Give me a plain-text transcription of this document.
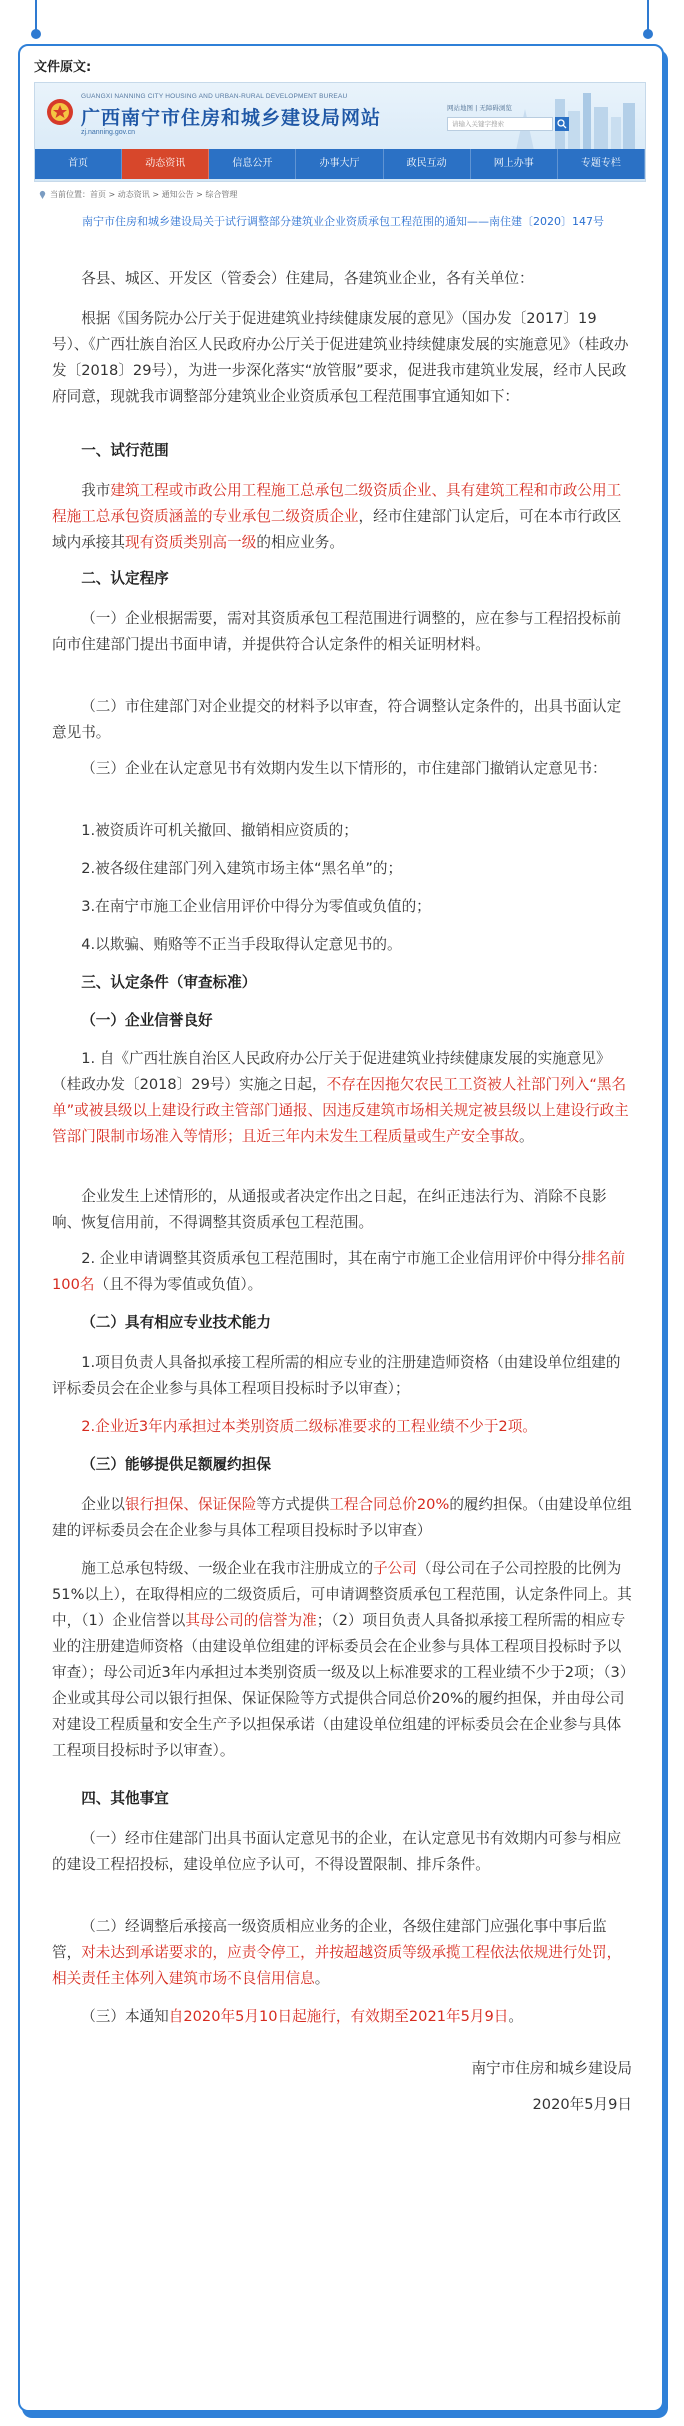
文件原文:
GUANGXI NANNING CITY HOUSING AND URBAN-RURAL DEVELOPMENT BUREAU
广西南宁市住房和城乡建设局网站
zj.nanning.gov.cn
网站地图 | 无障碍浏览
请输入关键字搜索
首页	动态资讯	信息公开	办事大厅	政民互动	网上办事	专题专栏
当前位置：首页 > 动态资讯 > 通知公告 > 综合管理
南宁市住房和城乡建设局关于试行调整部分建筑业企业资质承包工程范围的通知——南住建〔2020〕147号

各县、城区、开发区（管委会）住建局，各建筑业企业，各有关单位：

根据《国务院办公厅关于促进建筑业持续健康发展的意见》（国办发〔2017〕19号）、《广西壮族自治区人民政府办公厅关于促进建筑业持续健康发展的实施意见》（桂政办发〔2018〕29号），为进一步深化落实“放管服”要求，促进我市建筑业发展，经市人民政府同意，现就我市调整部分建筑业企业资质承包工程范围事宜通知如下：

一、试行范围

我市建筑工程或市政公用工程施工总承包二级资质企业、具有建筑工程和市政公用工程施工总承包资质涵盖的专业承包二级资质企业，经市住建部门认定后，可在本市行政区域内承接其现有资质类别高一级的相应业务。

二、认定程序

（一）企业根据需要，需对其资质承包工程范围进行调整的，应在参与工程招投标前向市住建部门提出书面申请，并提供符合认定条件的相关证明材料。

（二）市住建部门对企业提交的材料予以审查，符合调整认定条件的，出具书面认定意见书。

（三）企业在认定意见书有效期内发生以下情形的，市住建部门撤销认定意见书：

1.被资质许可机关撤回、撤销相应资质的；

2.被各级住建部门列入建筑市场主体“黑名单”的；

3.在南宁市施工企业信用评价中得分为零值或负值的；

4.以欺骗、贿赂等不正当手段取得认定意见书的。

三、认定条件（审查标准）

（一）企业信誉良好

1. 自《广西壮族自治区人民政府办公厅关于促进建筑业持续健康发展的实施意见》（桂政办发〔2018〕29号）实施之日起，不存在因拖欠农民工工资被人社部门列入“黑名单”或被县级以上建设行政主管部门通报、因违反建筑市场相关规定被县级以上建设行政主管部门限制市场准入等情形；且近三年内未发生工程质量或生产安全事故。

企业发生上述情形的，从通报或者决定作出之日起，在纠正违法行为、消除不良影响、恢复信用前，不得调整其资质承包工程范围。

2. 企业申请调整其资质承包工程范围时，其在南宁市施工企业信用评价中得分排名前100名（且不得为零值或负值）。

（二）具有相应专业技术能力

1.项目负责人具备拟承接工程所需的相应专业的注册建造师资格（由建设单位组建的评标委员会在企业参与具体工程项目投标时予以审查）；

2.企业近3年内承担过本类别资质二级标准要求的工程业绩不少于2项。

（三）能够提供足额履约担保

企业以银行担保、保证保险等方式提供工程合同总价20%的履约担保。（由建设单位组建的评标委员会在企业参与具体工程项目投标时予以审查）

施工总承包特级、一级企业在我市注册成立的子公司（母公司在子公司控股的比例为51%以上），在取得相应的二级资质后，可申请调整资质承包工程范围，认定条件同上。其中，（1）企业信誉以其母公司的信誉为准；（2）项目负责人具备拟承接工程所需的相应专业的注册建造师资格（由建设单位组建的评标委员会在企业参与具体工程项目投标时予以审查）；母公司近3年内承担过本类别资质一级及以上标准要求的工程业绩不少于2项；（3）企业或其母公司以银行担保、保证保险等方式提供合同总价20%的履约担保，并由母公司对建设工程质量和安全生产予以担保承诺（由建设单位组建的评标委员会在企业参与具体工程项目投标时予以审查）。

四、其他事宜

（一）经市住建部门出具书面认定意见书的企业，在认定意见书有效期内可参与相应的建设工程招投标，建设单位应予认可，不得设置限制、排斥条件。

（二）经调整后承接高一级资质相应业务的企业，各级住建部门应强化事中事后监管，对未达到承诺要求的，应责令停工，并按超越资质等级承揽工程依法依规进行处罚，相关责任主体列入建筑市场不良信用信息。

（三）本通知自2020年5月10日起施行，有效期至2021年5月9日。

南宁市住房和城乡建设局

2020年5月9日
